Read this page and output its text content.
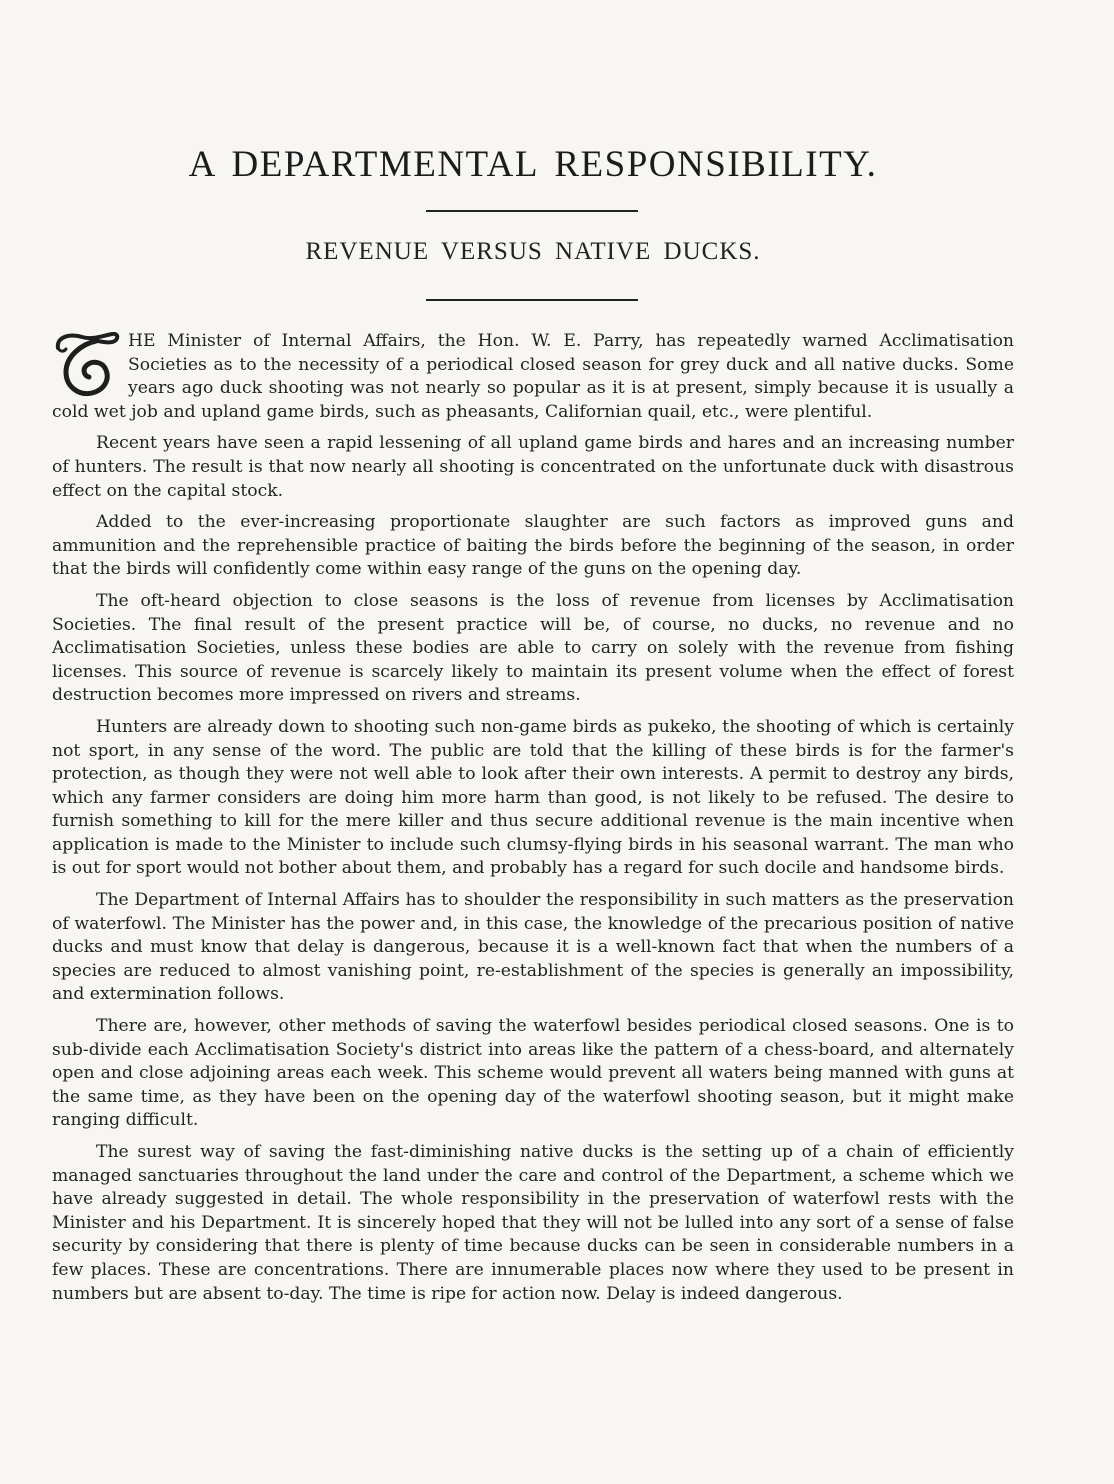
A DEPARTMENTAL RESPONSIBILITY.
REVENUE VERSUS NATIVE DUCKS.

HE Minister of Internal Affairs, the Hon. W. E. Parry, has repeatedly warned Acclimatisation Societies as to the necessity of a periodical closed season for grey duck and all native ducks. Some years ago duck shooting was not nearly so popular as it is at present, simply because it is usually a cold wet job and upland game birds, such as pheasants, Californian quail, etc., were plentiful.

Recent years have seen a rapid lessening of all upland game birds and hares and an increasing number of hunters. The result is that now nearly all shooting is concentrated on the unfortunate duck with disastrous effect on the capital stock.

Added to the ever-increasing proportionate slaughter are such factors as improved guns and ammunition and the reprehensible practice of baiting the birds before the beginning of the season, in order that the birds will confidently come within easy range of the guns on the opening day.

The oft-heard objection to close seasons is the loss of revenue from licenses by Acclimatisation Societies. The final result of the present practice will be, of course, no ducks, no revenue and no Acclimatisation Societies, unless these bodies are able to carry on solely with the revenue from fishing licenses. This source of revenue is scarcely likely to maintain its present volume when the effect of forest destruction becomes more impressed on rivers and streams.

Hunters are already down to shooting such non-game birds as pukeko, the shooting of which is certainly not sport, in any sense of the word. The public are told that the killing of these birds is for the farmer's protection, as though they were not well able to look after their own interests. A permit to destroy any birds, which any farmer considers are doing him more harm than good, is not likely to be refused. The desire to furnish something to kill for the mere killer and thus secure additional revenue is the main incentive when application is made to the Minister to include such clumsy-flying birds in his seasonal warrant. The man who is out for sport would not bother about them, and probably has a regard for such docile and handsome birds.

The Department of Internal Affairs has to shoulder the responsibility in such matters as the preservation of waterfowl. The Minister has the power and, in this case, the knowledge of the precarious position of native ducks and must know that delay is dangerous, because it is a well-known fact that when the numbers of a species are reduced to almost vanishing point, re-establishment of the species is generally an impossibility, and extermination follows.

There are, however, other methods of saving the waterfowl besides periodical closed seasons. One is to sub-divide each Acclimatisation Society's district into areas like the pattern of a chess-board, and alternately open and close adjoining areas each week. This scheme would prevent all waters being manned with guns at the same time, as they have been on the opening day of the waterfowl shooting season, but it might make ranging difficult.

The surest way of saving the fast-diminishing native ducks is the setting up of a chain of efficiently managed sanctuaries throughout the land under the care and control of the Department, a scheme which we have already suggested in detail. The whole responsibility in the preservation of waterfowl rests with the Minister and his Department. It is sincerely hoped that they will not be lulled into any sort of a sense of false security by considering that there is plenty of time because ducks can be seen in considerable numbers in a few places. These are concentrations. There are innumerable places now where they used to be present in numbers but are absent to-day. The time is ripe for action now. Delay is indeed dangerous.
